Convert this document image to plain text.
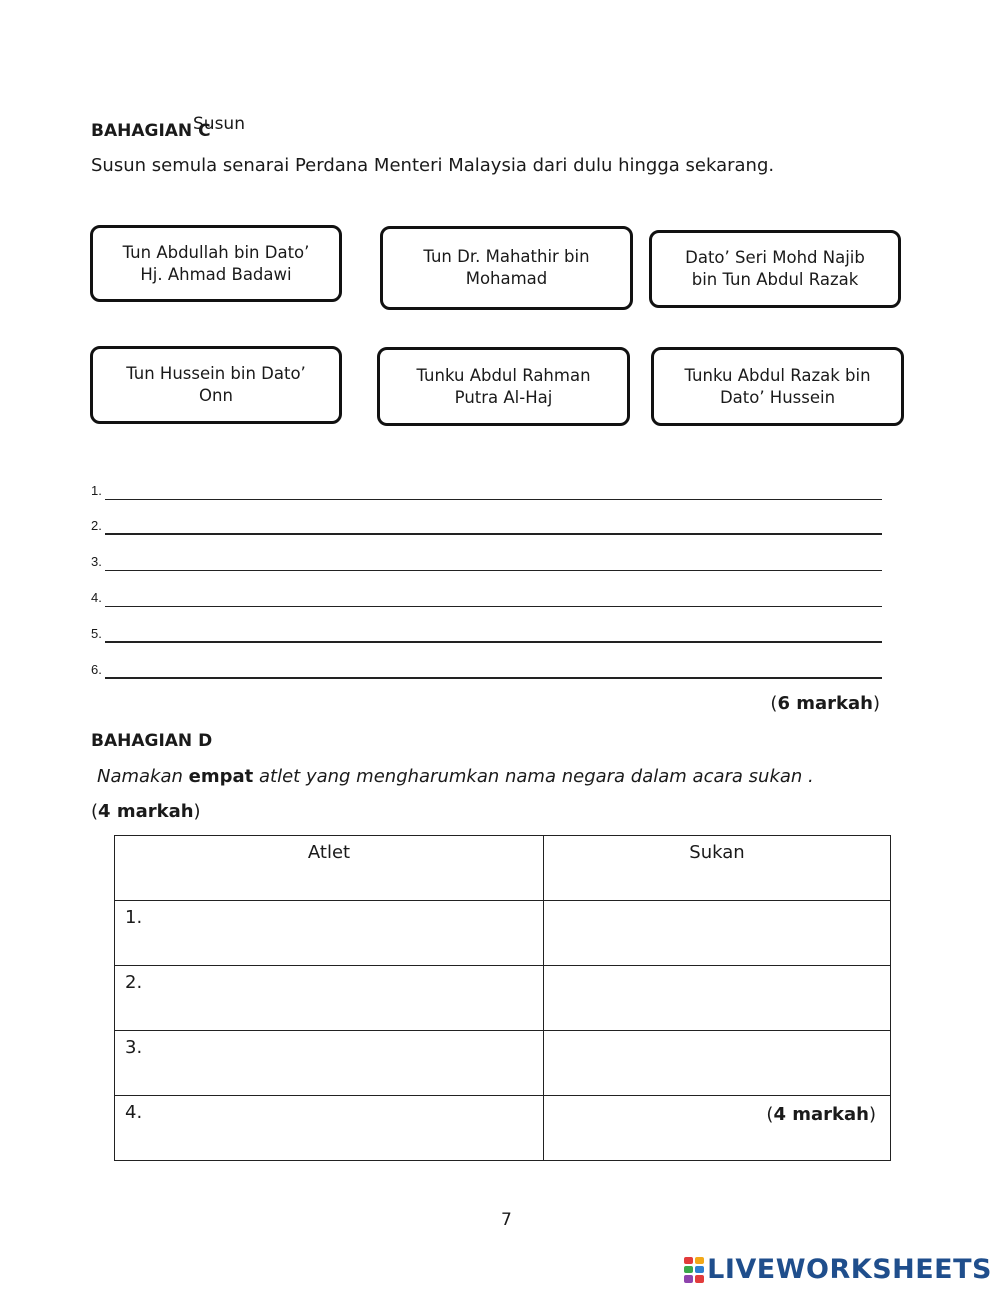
BAHAGIAN C
Susun
Susun semula senarai Perdana Menteri Malaysia dari dulu hingga sekarang.
Tun Abdullah bin Dato’
Hj. Ahmad Badawi
Tun Dr. Mahathir bin
Mohamad
Dato’ Seri Mohd Najib
bin Tun Abdul Razak
Tun Hussein bin Dato’
Onn
Tunku Abdul Rahman
Putra Al-Haj
Tunku Abdul Razak bin
Dato’ Hussein
1.
2.
3.
4.
5.
6.
(6 markah)
BAHAGIAN D
Namakan empat atlet yang mengharumkan nama negara dalam acara sukan .
(4 markah)
Atlet	Sukan
1.	
2.	
3.	
4.		(4 markah)
7
LIVEWORKSHEETS
